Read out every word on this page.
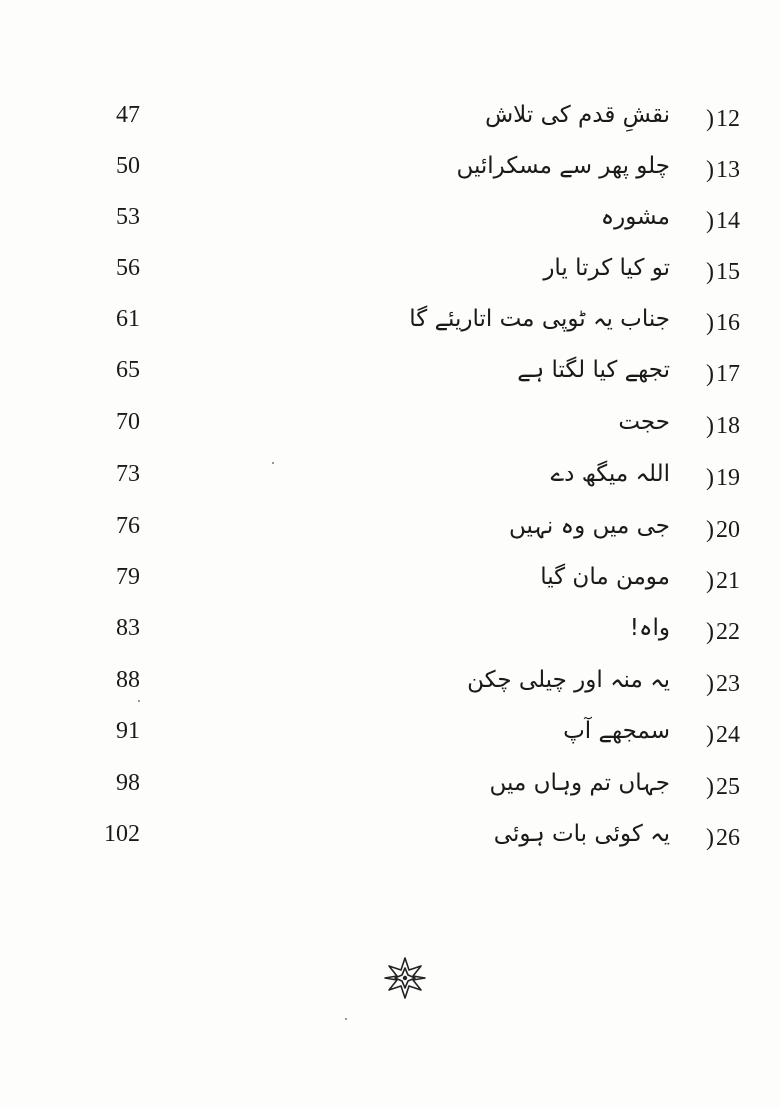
47	نقشِ قدم کی تلاش	)12
50	چلو پھر سے مسکرائیں	)13
53	مشورہ	)14
56	تو کیا کرتا یار	)15
61	جناب یہ ٹوپی مت اتاریئے گا	)16
65	تجھے کیا لگتا ہے	)17
70	حجت	)18
73	اللہ میگھ دے	)19
76	جی میں وہ نہیں	)20
79	مومن مان گیا	)21
83	واہ!	)22
88	یہ منہ اور چیلی چکن	)23
91	سمجھے آپ	)24
98	جہاں تم وہاں میں	)25
102	یہ کوئی بات ہوئی	)26
